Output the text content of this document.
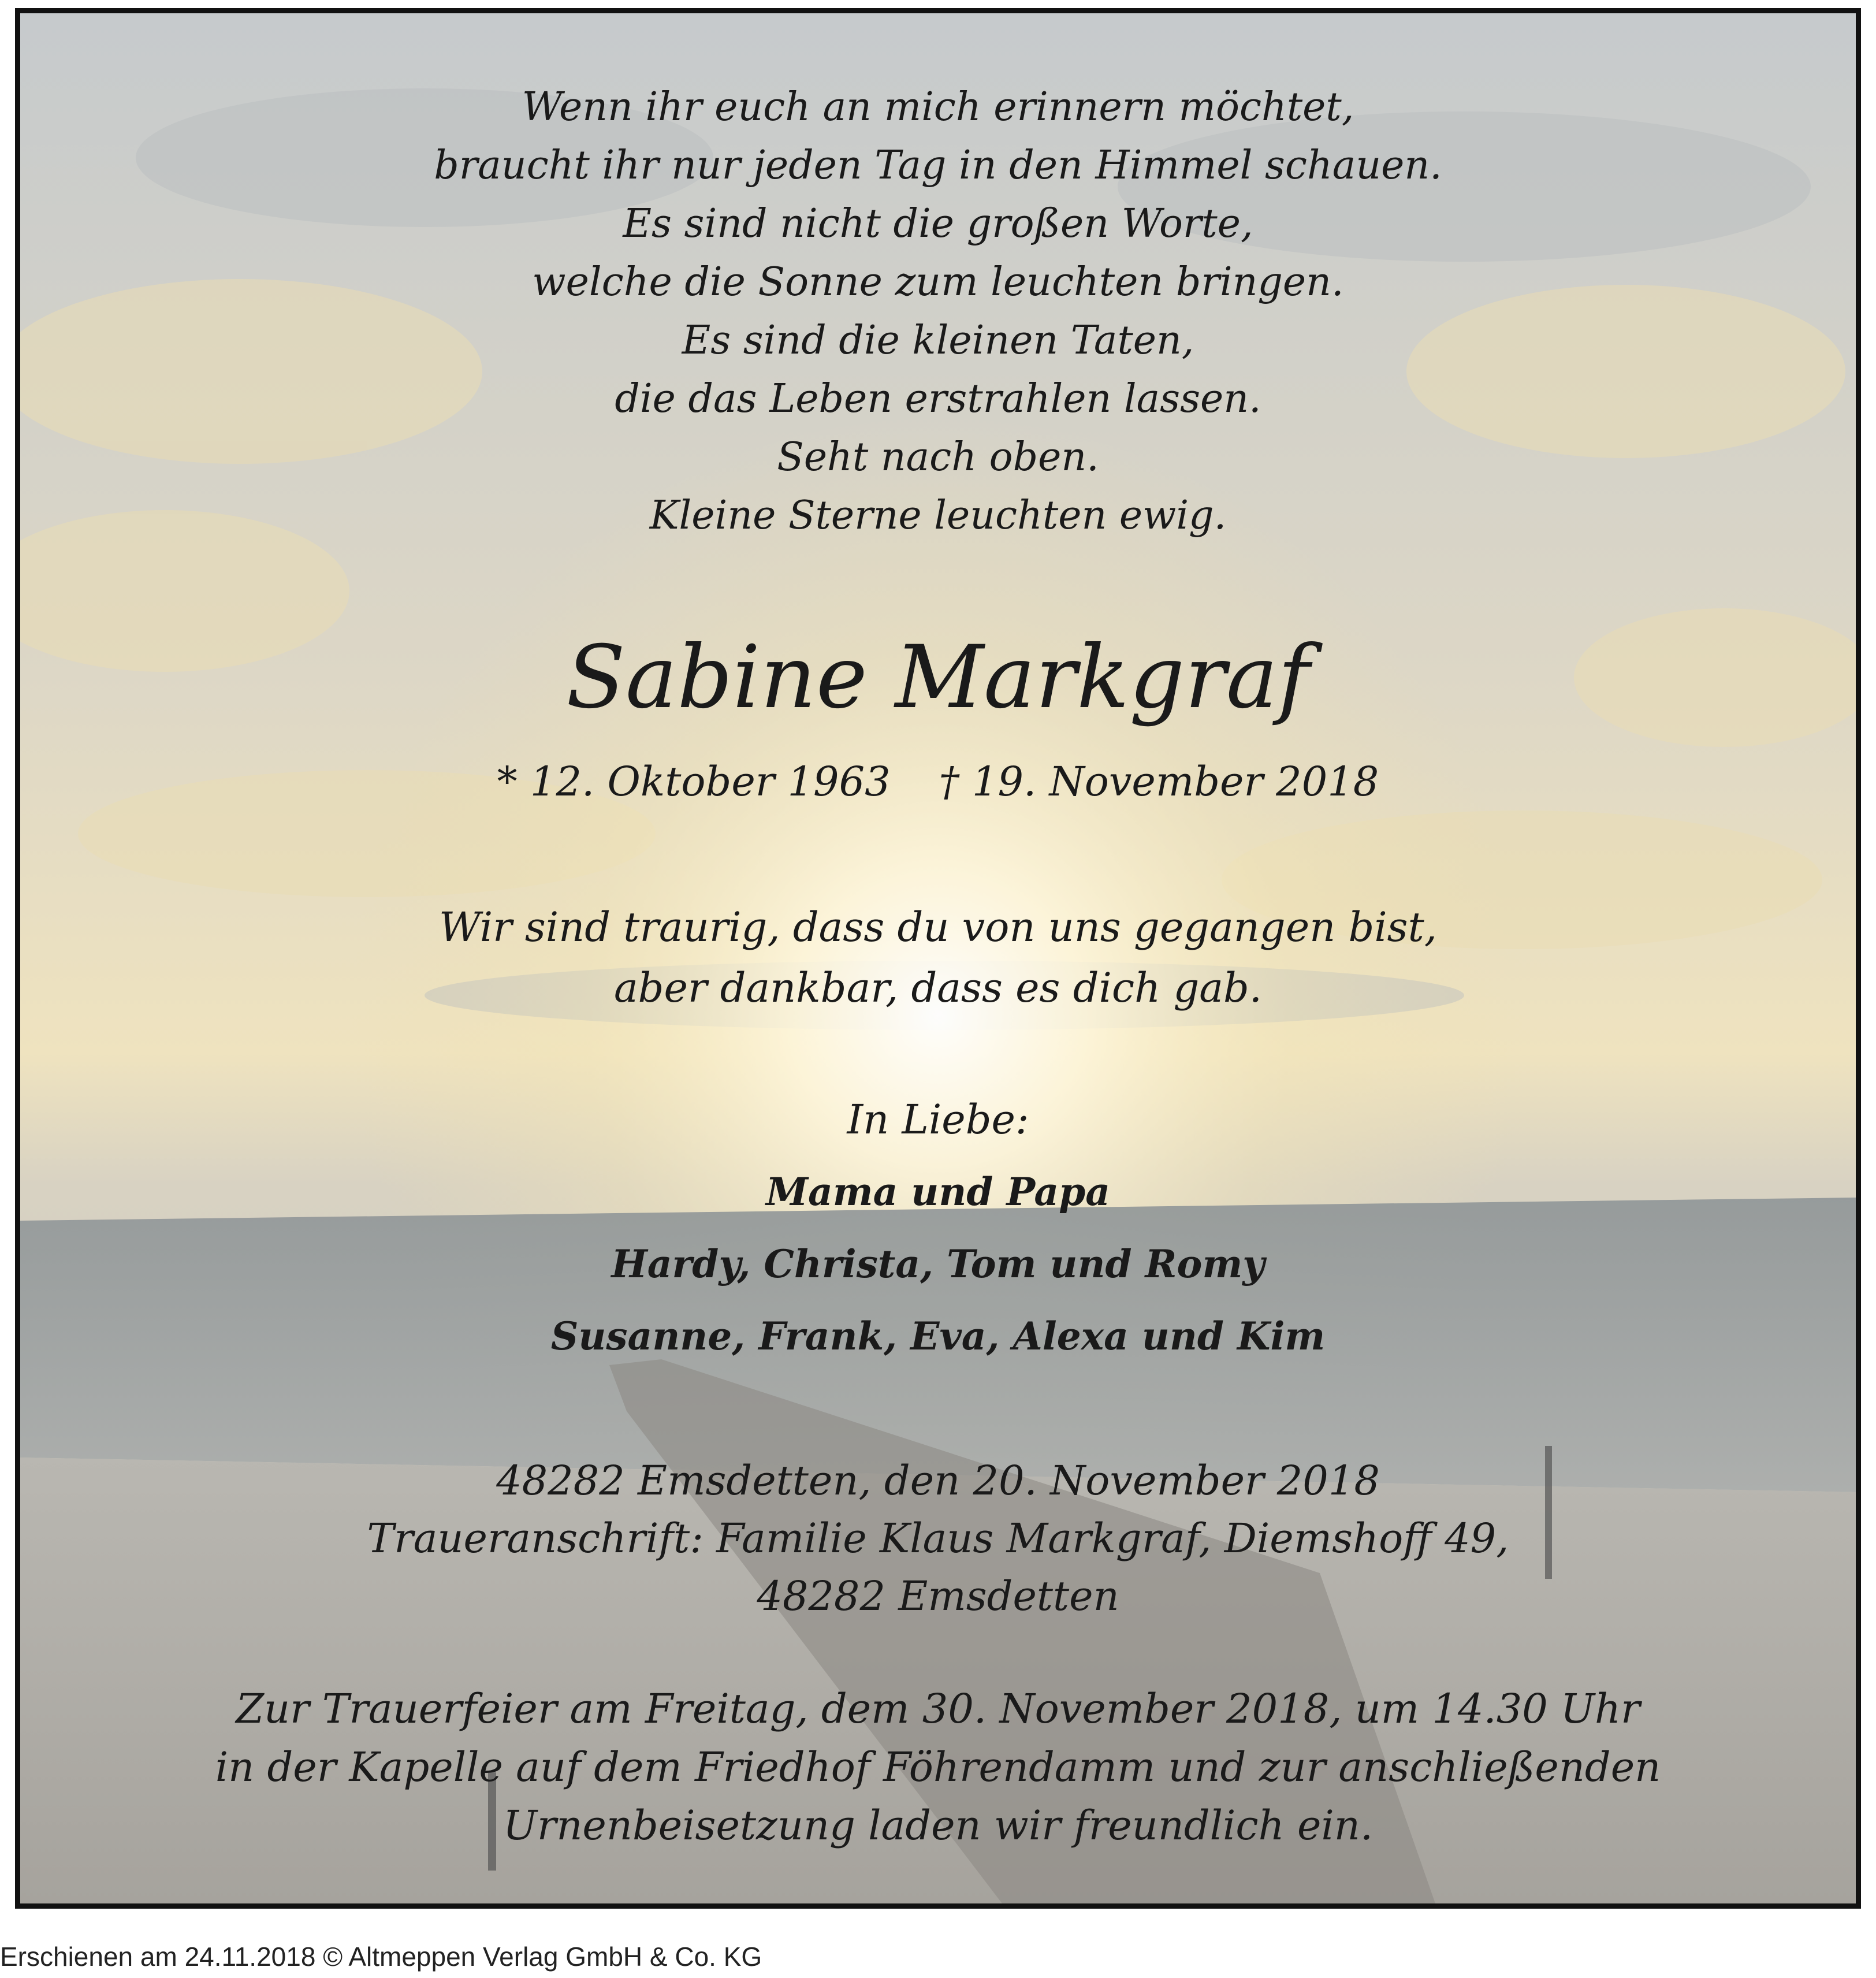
Wenn ihr euch an mich erinnern möchtet,
braucht ihr nur jeden Tag in den Himmel schauen.
Es sind nicht die großen Worte,
welche die Sonne zum leuchten bringen.
Es sind die kleinen Taten,
die das Leben erstrahlen lassen.
Seht nach oben.
Kleine Sterne leuchten ewig.
Sabine Markgraf
* 12. Oktober 1963 † 19. November 2018
Wir sind traurig, dass du von uns gegangen bist,
aber dankbar, dass es dich gab.
In Liebe:
Mama und Papa
Hardy, Christa, Tom und Romy
Susanne, Frank, Eva, Alexa und Kim
48282 Emsdetten, den 20. November 2018
Traueranschrift: Familie Klaus Markgraf, Diemshoff 49,
48282 Emsdetten
Zur Trauerfeier am Freitag, dem 30. November 2018, um 14.30 Uhr
in der Kapelle auf dem Friedhof Föhrendamm und zur anschließenden
Urnenbeisetzung laden wir freundlich ein.
Erschienen am 24.11.2018 © Altmeppen Verlag GmbH & Co. KG
